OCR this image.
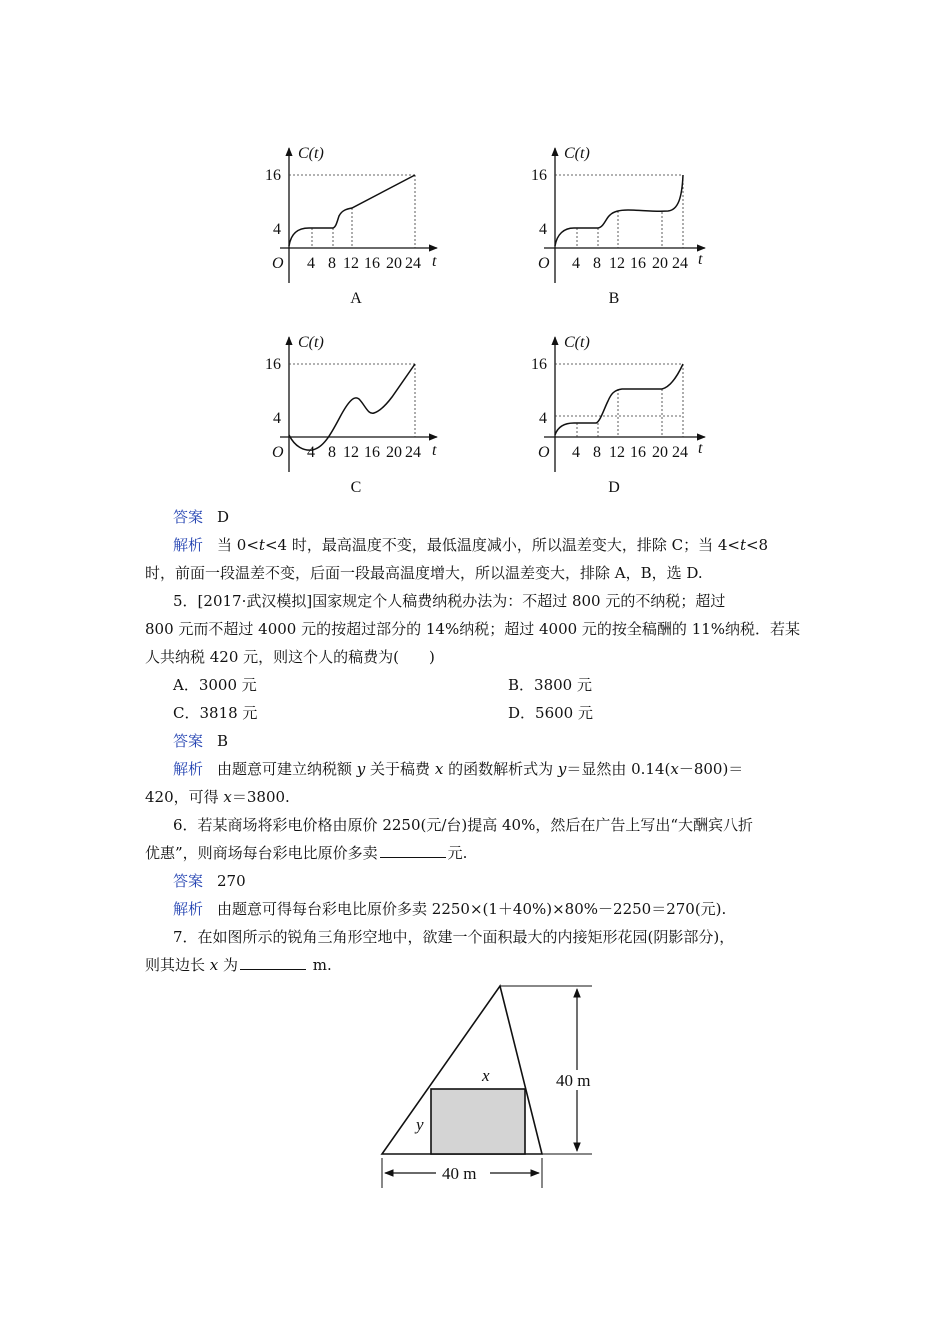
C(t)
16
4
O 4 8 12 16 20 24 t
A
C(t)
16
4
O 4 8 12 16 20 24 t
B
C(t)
16
4
O 4 8 12 16 20 24 t
C
C(t)
16
4
O 4 8 12 16 20 24 t
D
答案 D
解析 当 0<t<4 时，最高温度不变，最低温度减小，所以温差变大，排除 C；当 4<t<8
时，前面一段温差不变，后面一段最高温度增大，所以温差变大，排除 A，B，选 D.
5．[2017·武汉模拟]国家规定个人稿费纳税办法为：不超过 800 元的不纳税；超过
800 元而不超过 4000 元的按超过部分的 14%纳税；超过 4000 元的按全稿酬的 11%纳税．若某
人共纳税 420 元，则这个人的稿费为(　　)
A．3000 元	B．3800 元
C．3818 元	D．5600 元
答案 B
解析 由题意可建立纳税额 y 关于稿费 x 的函数解析式为 y＝显然由 0.14(x－800)＝
420，可得 x＝3800.
6．若某商场将彩电价格由原价 2250(元/台)提高 40%，然后在广告上写出“大酬宾八折
优惠”，则商场每台彩电比原价多卖	元.
答案 270
解析 由题意可得每台彩电比原价多卖 2250×(1＋40%)×80%－2250＝270(元).
7．在如图所示的锐角三角形空地中，欲建一个面积最大的内接矩形花园(阴影部分)，
则其边长 x 为	m.
x
y
40 m
40 m
